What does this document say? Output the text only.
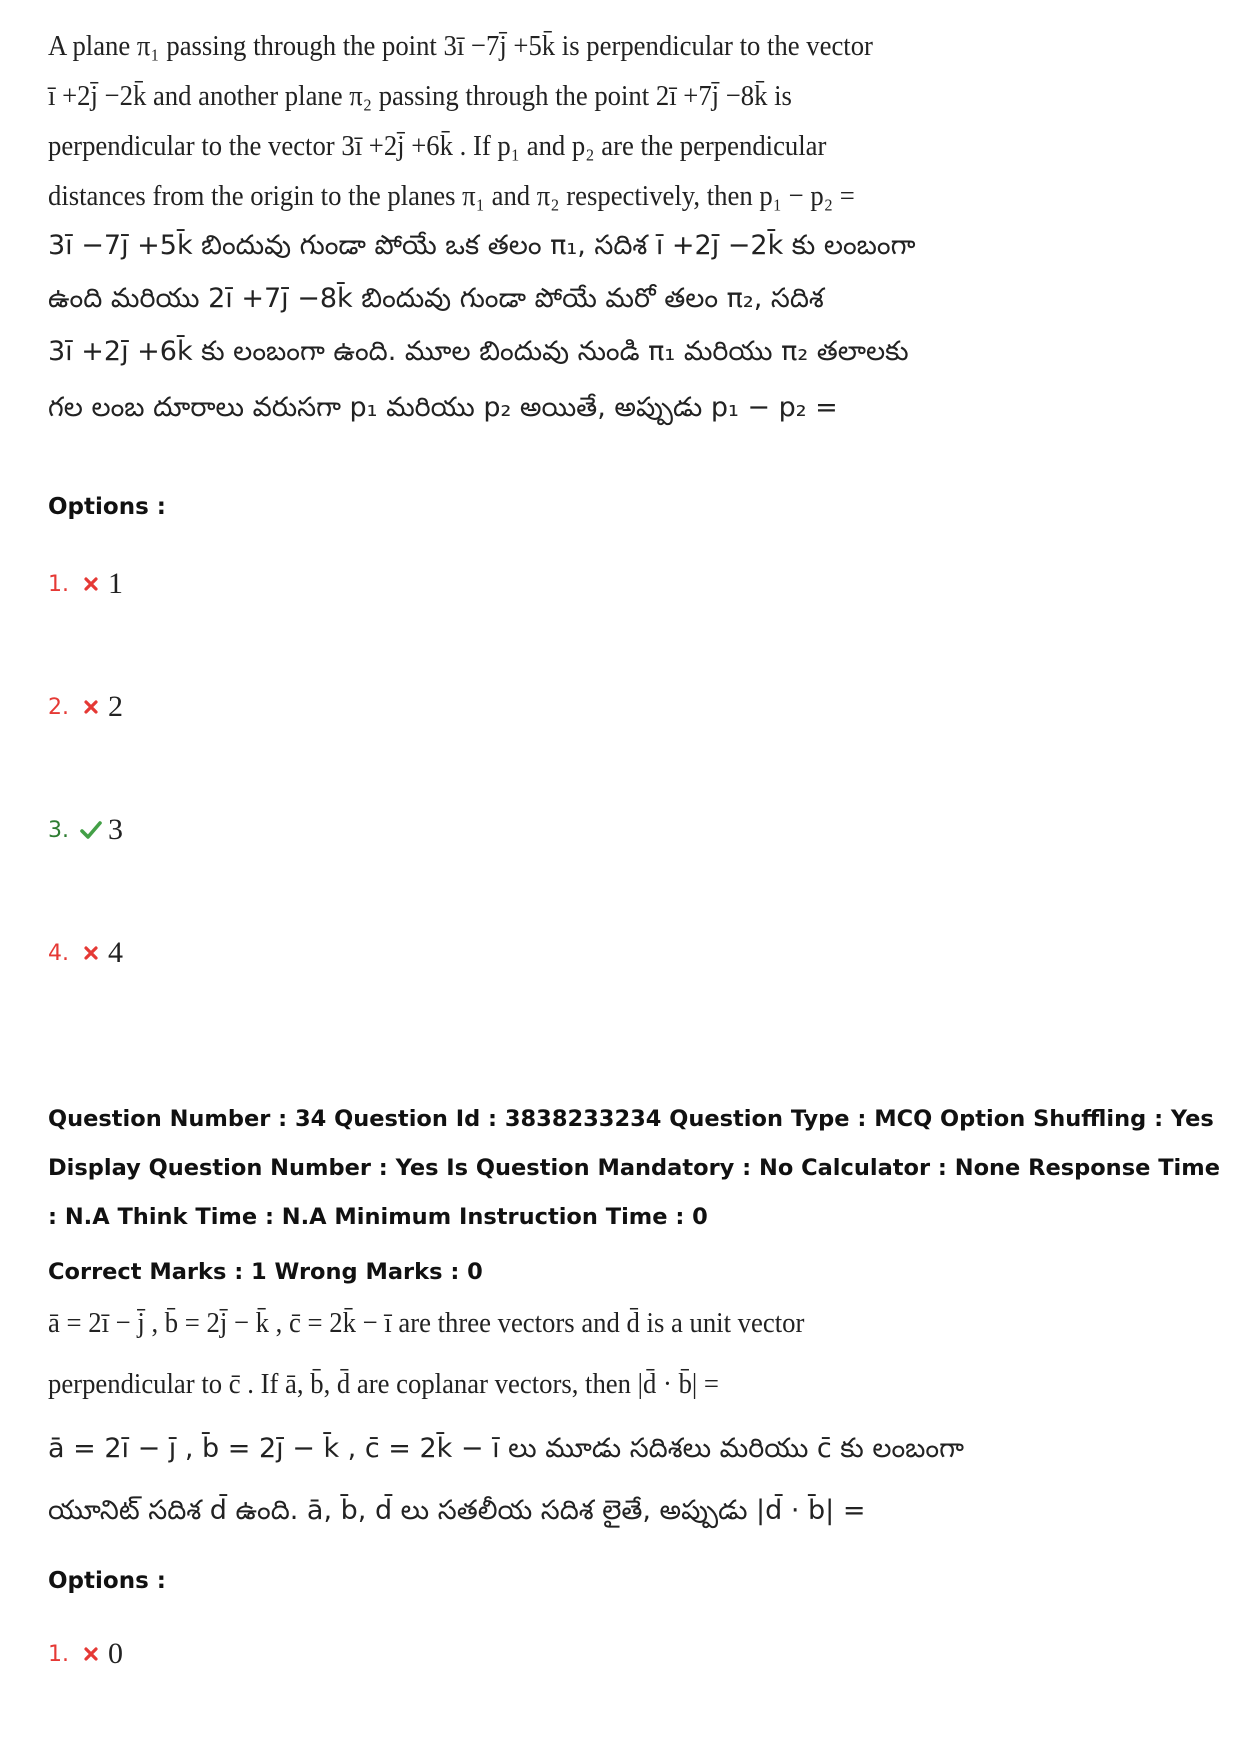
A plane π₁ passing through the point 3ī −7j̄ +5k̄ is perpendicular to the vector
ī +2j̄ −2k̄ and another plane π₂ passing through the point 2ī +7j̄ −8k̄ is
perpendicular to the vector 3ī +2j̄ +6k̄ . If p₁ and p₂ are the perpendicular
distances from the origin to the planes π₁ and π₂ respectively, then p₁ − p₂ =
3ī −7j̄ +5k̄ బిందువు గుండా పోయే ఒక తలం π₁, సదిశ ī +2j̄ −2k̄ కు లంబంగా
ఉంది మరియు 2ī +7j̄ −8k̄ బిందువు గుండా పోయే మరో తలం π₂, సదిశ
3ī +2j̄ +6k̄ కు లంబంగా ఉంది. మూల బిందువు నుండి π₁ మరియు π₂ తలాలకు
గల లంబ దూరాలు వరుసగా p₁ మరియు p₂ అయితే, అప్పుడు p₁ − p₂ =
Options :
1.	1
2.	2
3.	3
4.	4
Question Number : 34 Question Id : 3838233234 Question Type : MCQ Option Shuffling : Yes
Display Question Number : Yes Is Question Mandatory : No Calculator : None Response Time
: N.A Think Time : N.A Minimum Instruction Time : 0
Correct Marks : 1 Wrong Marks : 0
ā = 2ī − j̄ , b̄ = 2j̄ − k̄ , c̄ = 2k̄ − ī are three vectors and d̄ is a unit vector
perpendicular to c̄ . If ā, b̄, d̄ are coplanar vectors, then |d̄ · b̄| =
ā = 2ī − j̄ , b̄ = 2j̄ − k̄ , c̄ = 2k̄ − ī లు మూడు సదిశలు మరియు c̄ కు లంబంగా
యూనిట్ సదిశ d̄ ఉంది. ā, b̄, d̄ లు సతలీయ సదిశ లైతే, అప్పుడు |d̄ · b̄| =
Options :
1.	0
